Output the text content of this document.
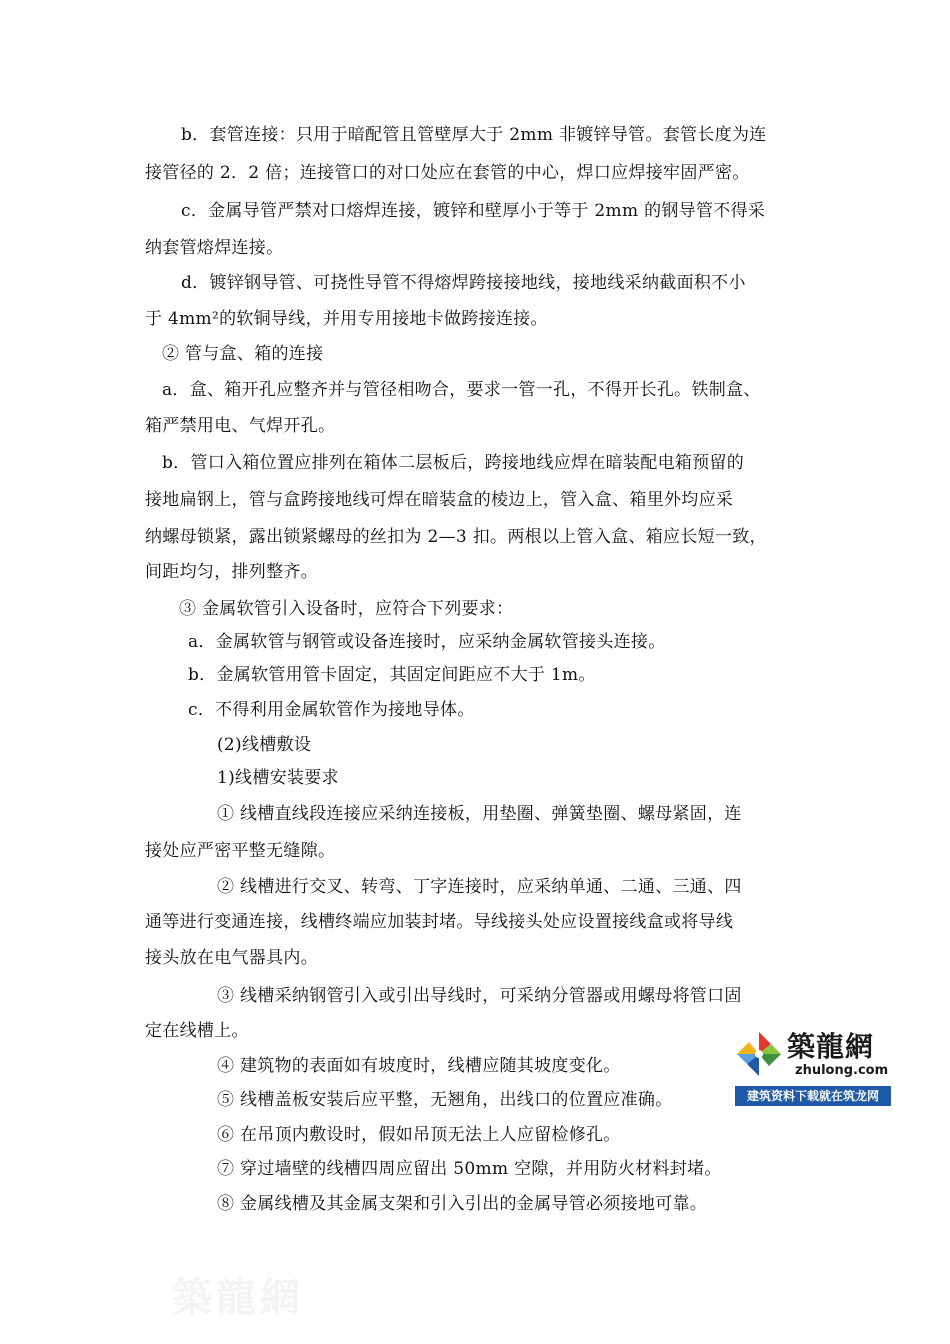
b．套管连接：只用于暗配管且管壁厚大于 2mm 非镀锌导管。套管长度为连
接管径的 2．2 倍；连接管口的对口处应在套管的中心，焊口应焊接牢固严密。
c．金属导管严禁对口熔焊连接，镀锌和壁厚小于等于 2mm 的钢导管不得采
纳套管熔焊连接。
d．镀锌钢导管、可挠性导管不得熔焊跨接接地线，接地线采纳截面积不小
于 4mm²的软铜导线，并用专用接地卡做跨接连接。
② 管与盒、箱的连接
a．盒、箱开孔应整齐并与管径相吻合，要求一管一孔，不得开长孔。铁制盒、
箱严禁用电、气焊开孔。
b．管口入箱位置应排列在箱体二层板后，跨接地线应焊在暗装配电箱预留的
接地扁钢上，管与盒跨接地线可焊在暗装盒的棱边上，管入盒、箱里外均应采
纳螺母锁紧，露出锁紧螺母的丝扣为 2—3 扣。两根以上管入盒、箱应长短一致，
间距均匀，排列整齐。
③ 金属软管引入设备时，应符合下列要求：
a．金属软管与钢管或设备连接时，应采纳金属软管接头连接。
b．金属软管用管卡固定，其固定间距应不大于 1m。
c．不得利用金属软管作为接地导体。
(2)线槽敷设
1)线槽安装要求
① 线槽直线段连接应采纳连接板，用垫圈、弹簧垫圈、螺母紧固，连
接处应严密平整无缝隙。
② 线槽进行交叉、转弯、丁字连接时，应采纳单通、二通、三通、四
通等进行变通连接，线槽终端应加装封堵。导线接头处应设置接线盒或将导线
接头放在电气器具内。
③ 线槽采纳钢管引入或引出导线时，可采纳分管器或用螺母将管口固
定在线槽上。
④ 建筑物的表面如有坡度时，线槽应随其坡度变化。
⑤ 线槽盖板安装后应平整，无翘角，出线口的位置应准确。
⑥ 在吊顶内敷设时，假如吊顶无法上人应留检修孔。
⑦ 穿过墙壁的线槽四周应留出 50mm 空隙，并用防火材料封堵。
⑧ 金属线槽及其金属支架和引入引出的金属导管必须接地可靠。
築龍網
zhulong.com
建筑资料下载就在筑龙网
築龍網
